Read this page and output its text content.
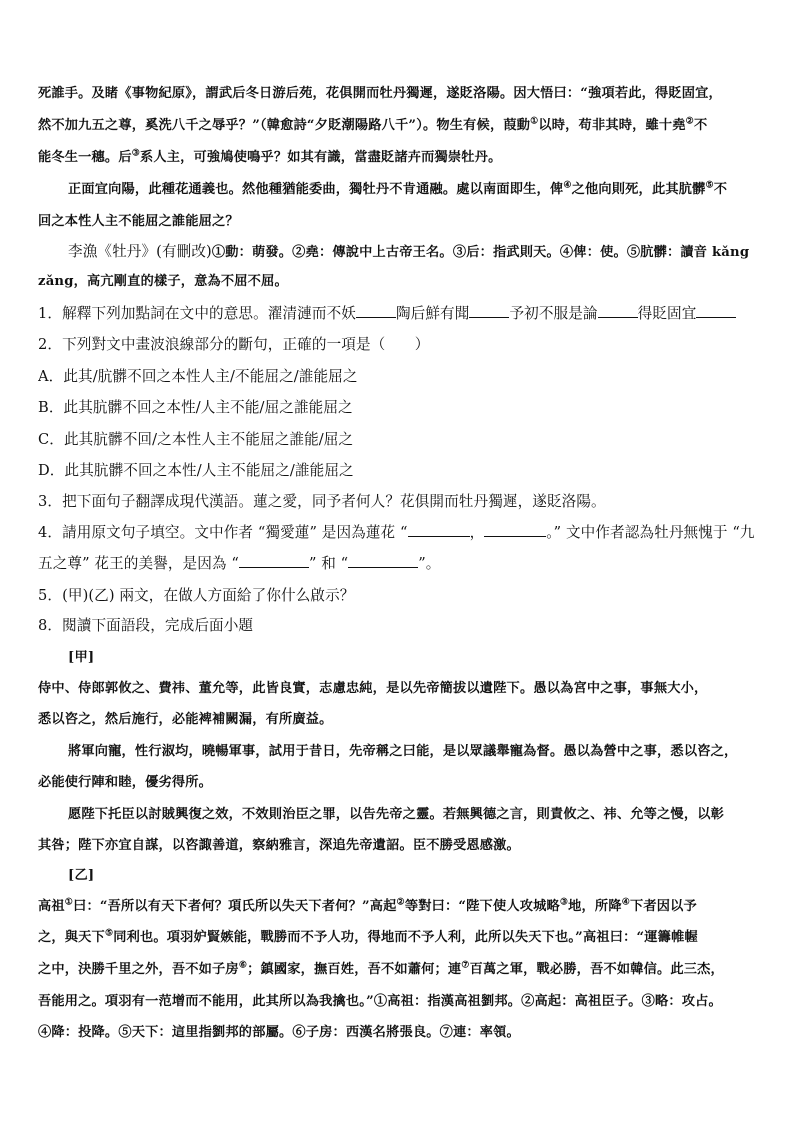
死誰手。及睹《事物紀原》，謂武后冬日游后苑，花俱開而牡丹獨遲，遂貶洛陽。因大悟曰：“強項若此，得貶固宜，
然不加九五之尊，奚洗八千之辱乎？”（韓愈詩“夕貶潮陽路八千”）。物生有候，葭動①以時，苟非其時，雖十堯②不
能冬生一穗。后③系人主，可強鳩使鳴乎？如其有識，當盡貶諸卉而獨崇牡丹。
正面宜向陽，此種花通義也。然他種猶能委曲，獨牡丹不肯通融。處以南面即生，俾④之他向則死，此其肮髒⑤不
回之本性人主不能屈之誰能屈之？
李漁《牡丹》(有刪改)①動：萌發。②堯：傳說中上古帝王名。③后：指武則天。④俾：使。⑤肮髒：讀音 kǎng
zǎng，高亢剛直的樣子，意為不屈不屈。
1．解釋下列加點詞在文中的意思。濯清漣而不妖	陶后鮮有聞	予初不服是論	得貶固宜
2．下列對文中畫波浪線部分的斷句，正確的一項是（　　）
A．此其/肮髒不回之本性人主/不能屈之/誰能屈之
B．此其肮髒不回之本性/人主不能/屈之誰能屈之
C．此其肮髒不回/之本性人主不能屈之誰能/屈之
D．此其肮髒不回之本性/人主不能屈之/誰能屈之
3．把下面句子翻譯成現代漢語。蓮之愛，同予者何人？花俱開而牡丹獨遲，遂貶洛陽。
4．請用原文句子填空。文中作者 “獨愛蓮” 是因為蓮花 “	，	。” 文中作者認為牡丹無愧于 “九
五之尊” 花王的美譽，是因為 “	” 和 “	”。
5．(甲)(乙) 兩文，在做人方面給了你什么啟示？
8．閱讀下面語段，完成后面小題
[甲]
侍中、侍郎郭攸之、費祎、董允等，此皆良實，志慮忠純，是以先帝簡拔以遺陛下。愚以為宮中之事，事無大小，
悉以咨之，然后施行，必能裨補闕漏，有所廣益。
將軍向寵，性行淑均，曉暢軍事，試用于昔日，先帝稱之曰能，是以眾議舉寵為督。愚以為營中之事，悉以咨之，
必能使行陣和睦，優劣得所。
愿陛下托臣以討賊興復之效，不效則治臣之罪，以告先帝之靈。若無興德之言，則責攸之、祎、允等之慢，以彰
其咎；陛下亦宜自謀，以咨諏善道，察納雅言，深追先帝遺詔。臣不勝受恩感激。
[乙]
高祖①曰：“吾所以有天下者何？項氏所以失天下者何？”高起②等對曰：“陛下使人攻城略③地，所降④下者因以予
之，與天下⑤同利也。項羽妒賢嫉能，戰勝而不予人功，得地而不予人利，此所以失天下也。”高祖曰：“運籌帷幄
之中，決勝千里之外，吾不如子房⑥；鎮國家，撫百姓，吾不如蕭何；連⑦百萬之軍，戰必勝，吾不如韓信。此三杰，
吾能用之。項羽有一范增而不能用，此其所以為我擒也。”①高祖：指漢高祖劉邦。②高起：高祖臣子。③略：攻占。
④降：投降。⑤天下：這里指劉邦的部屬。⑥子房：西漢名將張良。⑦連：率領。
